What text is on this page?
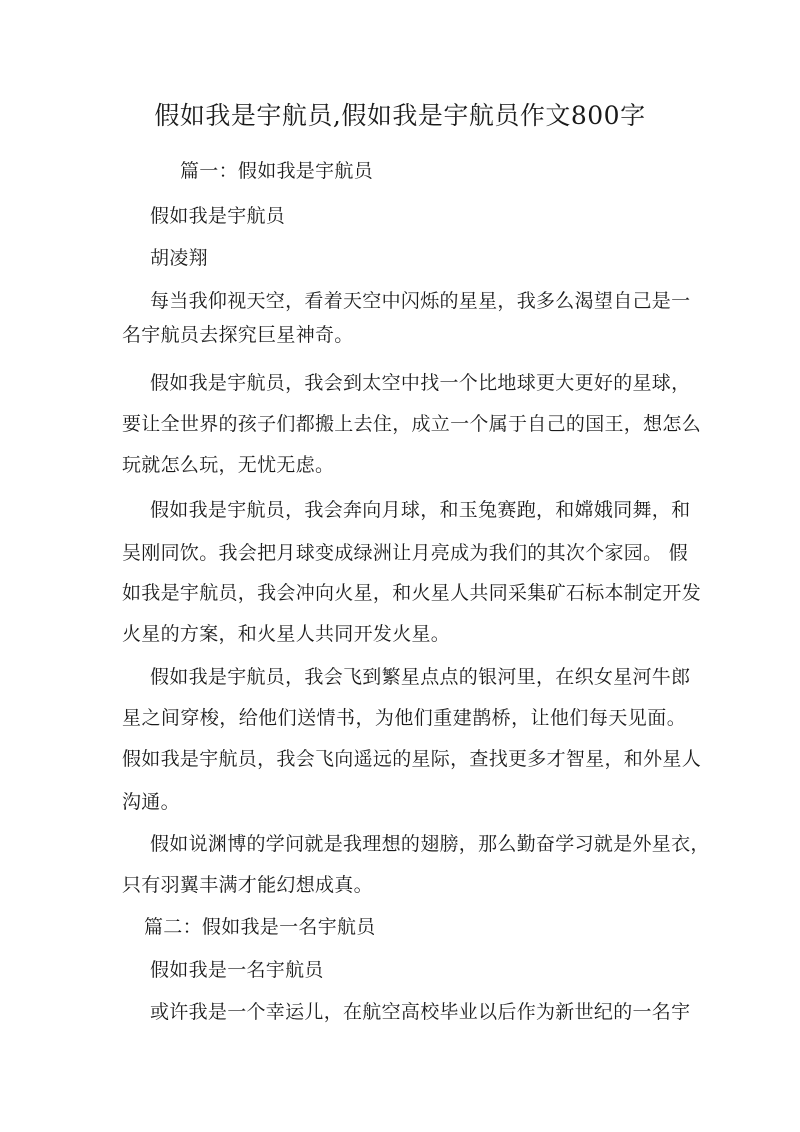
假如我是宇航员,假如我是宇航员作文800字
篇一：假如我是宇航员
假如我是宇航员
胡凌翔
每当我仰视天空，看着天空中闪烁的星星，我多么渴望自己是一
名宇航员去探究巨星神奇。
假如我是宇航员，我会到太空中找一个比地球更大更好的星球，
要让全世界的孩子们都搬上去住，成立一个属于自己的国王，想怎么
玩就怎么玩，无忧无虑。
假如我是宇航员，我会奔向月球，和玉兔赛跑，和嫦娥同舞，和
吴刚同饮。我会把月球变成绿洲让月亮成为我们的其次个家园。 假
如我是宇航员，我会冲向火星，和火星人共同采集矿石标本制定开发
火星的方案，和火星人共同开发火星。
假如我是宇航员，我会飞到繁星点点的银河里，在织女星河牛郎
星之间穿梭，给他们送情书，为他们重建鹊桥，让他们每天见面。
假如我是宇航员，我会飞向遥远的星际，查找更多才智星，和外星人
沟通。
假如说渊博的学问就是我理想的翅膀，那么勤奋学习就是外星衣，
只有羽翼丰满才能幻想成真。
篇二：假如我是一名宇航员
假如我是一名宇航员
或许我是一个幸运儿，在航空高校毕业以后作为新世纪的一名宇
